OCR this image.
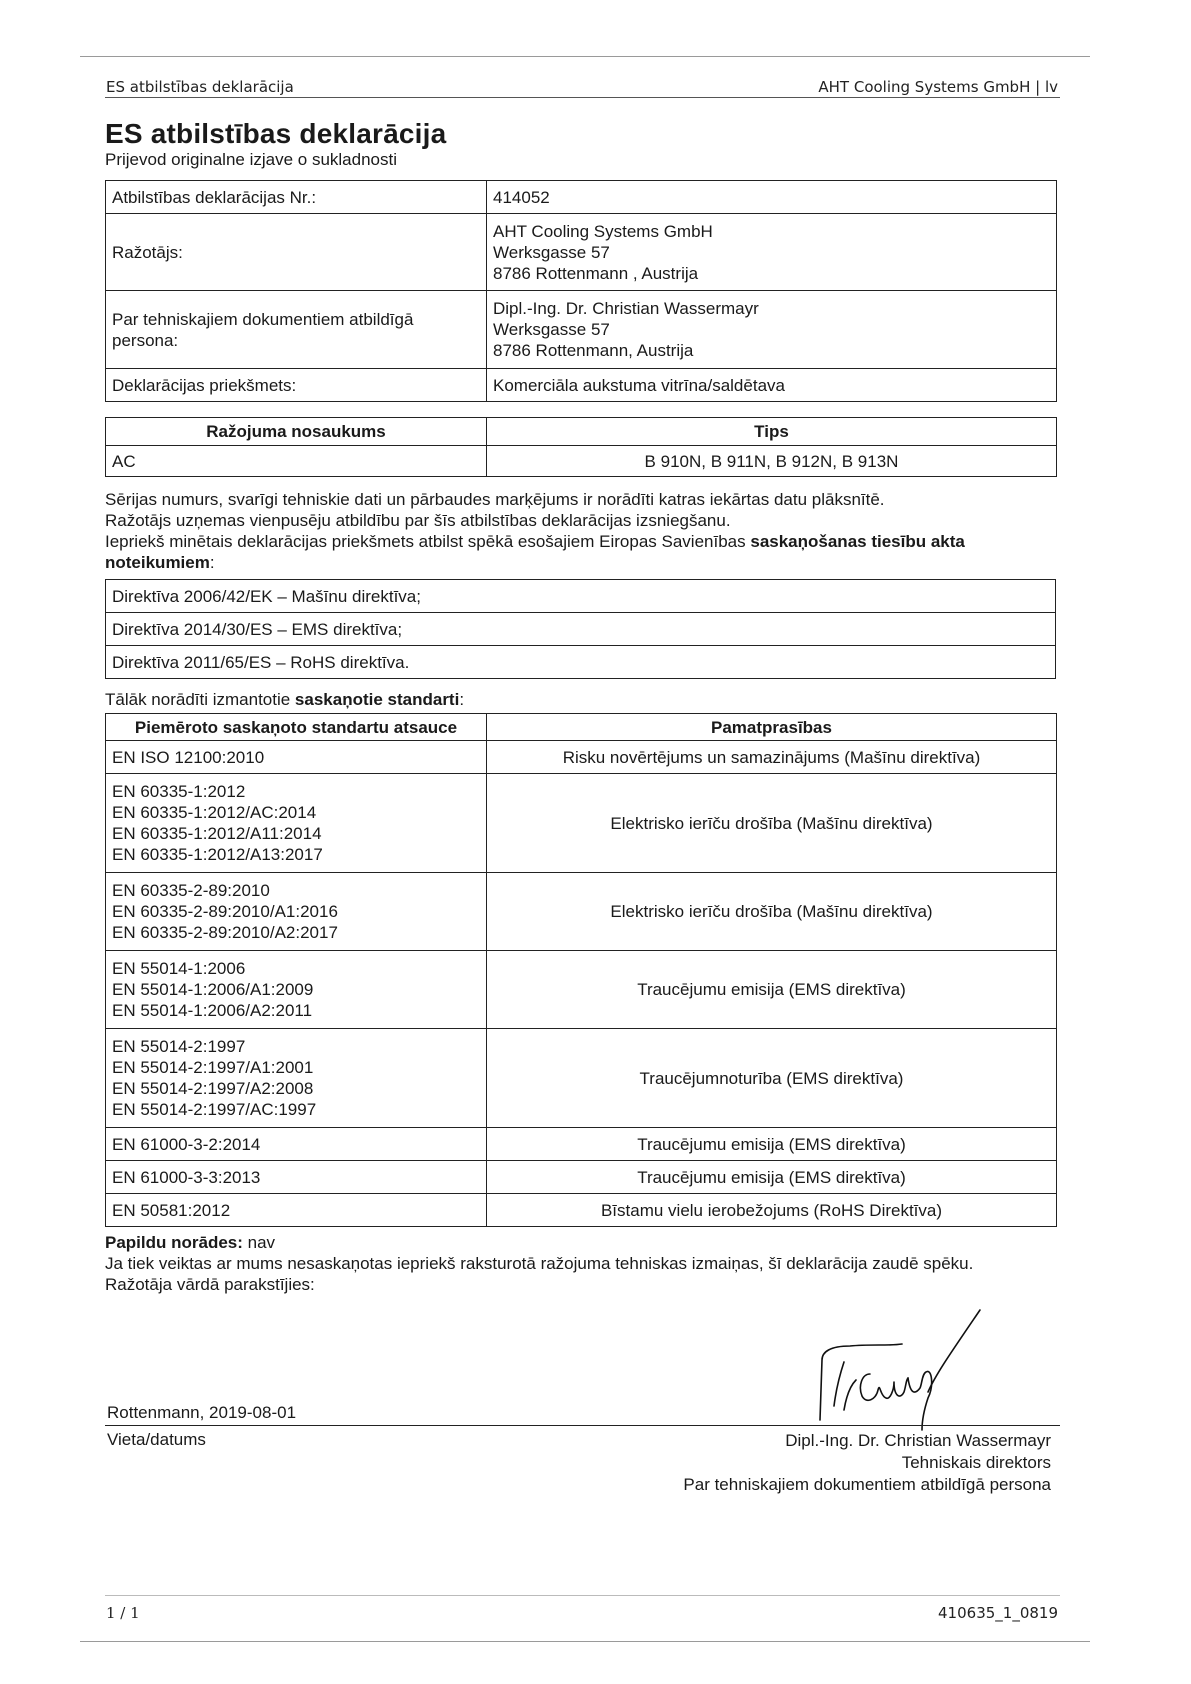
ES atbilstības deklarācija	AHT Cooling Systems GmbH | lv
ES atbilstības deklarācija
Prijevod originalne izjave o sukladnosti
Atbilstības deklarācijas Nr.:	414052
Ražotājs:	AHT Cooling Systems GmbH
Werksgasse 57
8786 Rottenmann , Austrija

Par tehniskajiem dokumentiem atbildīgā persona:	Dipl.-Ing. Dr. Christian Wassermayr
Werksgasse 57
8786 Rottenmann, Austrija

Deklarācijas priekšmets:	Komerciāla aukstuma vitrīna/saldētava
Ražojuma nosaukums	Tips
AC	B 910N, B 911N, B 912N, B 913N

Sērijas numurs, svarīgi tehniskie dati un pārbaudes marķējums ir norādīti katras iekārtas datu plāksnītē.

Ražotājs uzņemas vienpusēju atbildību par šīs atbilstības deklarācijas izsniegšanu.

Iepriekš minētais deklarācijas priekšmets atbilst spēkā esošajiem Eiropas Savienības saskaņošanas tiesību akta noteikumiem:

Direktīva 2006/42/EK – Mašīnu direktīva;
Direktīva 2014/30/ES – EMS direktīva;
Direktīva 2011/65/ES – RoHS direktīva.

Tālāk norādīti izmantotie saskaņotie standarti:

Piemēroto saskaņoto standartu atsauce	Pamatprasības
EN ISO 12100:2010	Risku novērtējums un samazinājums (Mašīnu direktīva)

EN 60335-1:2012
EN 60335-1:2012/AC:2014
EN 60335-1:2012/A11:2014
EN 60335-1:2012/A13:2017	Elektrisko ierīču drošība (Mašīnu direktīva)

EN 60335-2-89:2010
EN 60335-2-89:2010/A1:2016
EN 60335-2-89:2010/A2:2017	Elektrisko ierīču drošība (Mašīnu direktīva)

EN 55014-1:2006
EN 55014-1:2006/A1:2009
EN 55014-1:2006/A2:2011	Traucējumu emisija (EMS direktīva)

EN 55014-2:1997
EN 55014-2:1997/A1:2001
EN 55014-2:1997/A2:2008
EN 55014-2:1997/AC:1997	Traucējumnoturība (EMS direktīva)
EN 61000-3-2:2014	Traucējumu emisija (EMS direktīva)
EN 61000-3-3:2013	Traucējumu emisija (EMS direktīva)
EN 50581:2012	Bīstamu vielu ierobežojums (RoHS Direktīva)

Papildu norādes: nav

Ja tiek veiktas ar mums nesaskaņotas iepriekš raksturotā ražojuma tehniskas izmaiņas, šī deklarācija zaudē spēku.

Ražotāja vārdā parakstījies:

Rottenmann, 2019-08-01
Vieta/datums	Dipl.-Ing. Dr. Christian Wassermayr
Tehniskais direktors
Par tehniskajiem dokumentiem atbildīgā persona
1 / 1	410635_1_0819
